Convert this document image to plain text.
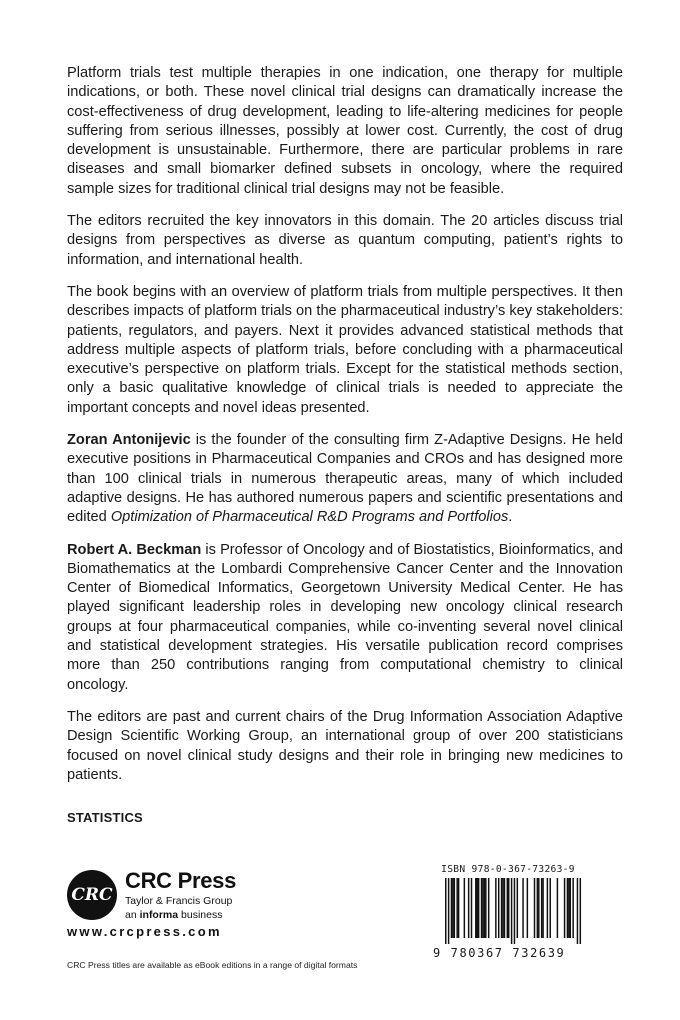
Platform trials test multiple therapies in one indication, one therapy for multiple indications, or both. These novel clinical trial designs can dramatically increase the cost-effectiveness of drug development, leading to life-altering medicines for people suffering from serious illnesses, possibly at lower cost. Currently, the cost of drug development is unsustainable. Furthermore, there are particular problems in rare diseases and small biomarker defined subsets in oncology, where the required sample sizes for traditional clinical trial designs may not be feasible.

The editors recruited the key innovators in this domain. The 20 articles discuss trial designs from perspectives as diverse as quantum computing, patient’s rights to information, and international health.

The book begins with an overview of platform trials from multiple perspectives. It then describes impacts of platform trials on the pharmaceutical industry’s key stakeholders: patients, regulators, and payers. Next it provides advanced statistical methods that address multiple aspects of platform trials, before concluding with a pharmaceutical executive’s perspective on platform trials. Except for the statistical methods section, only a basic qualitative knowledge of clinical trials is needed to appreciate the important concepts and novel ideas presented.

Zoran Antonijevic is the founder of the consulting firm Z-Adaptive Designs. He held executive positions in Pharmaceutical Companies and CROs and has designed more than 100 clinical trials in numerous therapeutic areas, many of which included adaptive designs. He has authored numerous papers and scientific presentations and edited Optimization of Pharmaceutical R&D Programs and Portfolios.

Robert A. Beckman is Professor of Oncology and of Biostatistics, Bioinformatics, and Biomathematics at the Lombardi Comprehensive Cancer Center and the Innovation Center of Biomedical Informatics, Georgetown University Medical Center. He has played significant leadership roles in developing new oncology clinical research groups at four pharmaceutical companies, while co-inventing several novel clinical and statistical development strategies. His versatile publication record comprises more than 250 contributions ranging from computational chemistry to clinical oncology.

The editors are past and current chairs of the Drug Information Association Adaptive Design Scientific Working Group, an international group of over 200 statisticians focused on novel clinical study designs and their role in bringing new medicines to patients.

STATISTICS
CRC
CRC Press
Taylor & Francis Group
an informa business
www.crcpress.com
CRC Press titles are available as eBook editions in a range of digital formats
ISBN 978-0-367-73263-9
9 780367 732639
